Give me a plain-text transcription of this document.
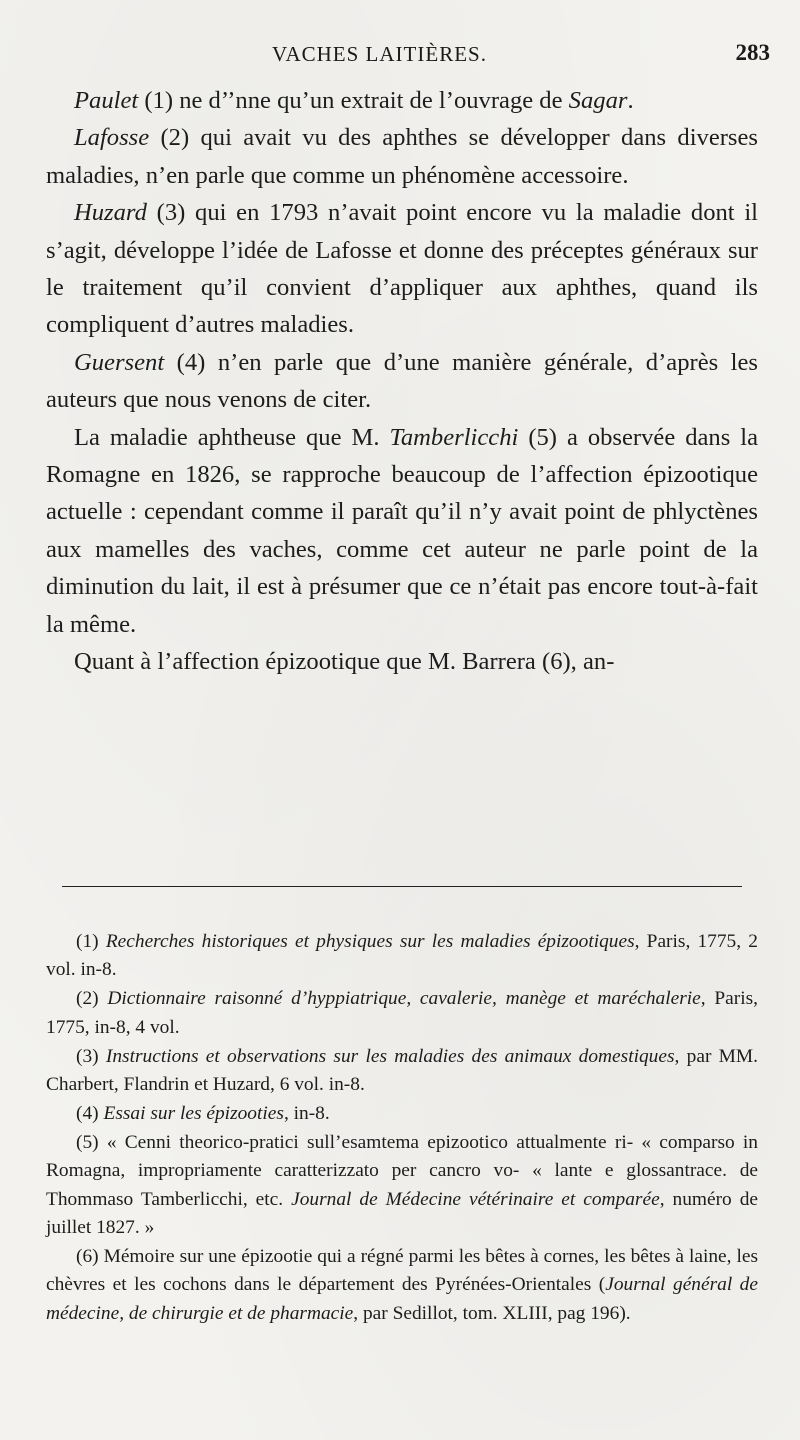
VACHES LAITIÈRES.	283

Paulet (1) ne d’’nne qu’un extrait de l’ouvrage de Sagar.

Lafosse (2) qui avait vu des aphthes se développer dans diverses maladies, n’en parle que comme un phénomène accessoire.

Huzard (3) qui en 1793 n’avait point encore vu la maladie dont il s’agit, développe l’idée de Lafosse et donne des préceptes généraux sur le traitement qu’il convient d’appliquer aux aphthes, quand ils compliquent d’autres maladies.

Guersent (4) n’en parle que d’une manière générale, d’après les auteurs que nous venons de citer.

La maladie aphtheuse que M. Tamberlicchi (5) a observée dans la Romagne en 1826, se rapproche beaucoup de l’affection épizootique actuelle : cependant comme il paraît qu’il n’y avait point de phlyctènes aux mamelles des vaches, comme cet auteur ne parle point de la diminution du lait, il est à présumer que ce n’était pas encore tout-à-fait la même.

Quant à l’affection épizootique que M. Barrera (6), an-

(1) Recherches historiques et physiques sur les maladies épizootiques, Paris, 1775, 2 vol. in-8.

(2) Dictionnaire raisonné d’hyppiatrique, cavalerie, manège et maréchalerie, Paris, 1775, in-8, 4 vol.

(3) Instructions et observations sur les maladies des animaux domestiques, par MM. Charbert, Flandrin et Huzard, 6 vol. in-8.

(4) Essai sur les épizooties, in-8.

(5) « Cenni theorico-pratici sull’esamtema epizootico attualmente ri- « comparso in Romagna, impropriamente caratterizzato per cancro vo- « lante e glossantrace. de Thommaso Tamberlicchi, etc. Journal de Médecine vétérinaire et comparée, numéro de juillet 1827. »

(6) Mémoire sur une épizootie qui a régné parmi les bêtes à cornes, les bêtes à laine, les chèvres et les cochons dans le département des Pyrénées-Orientales (Journal général de médecine, de chirurgie et de pharmacie, par Sedillot, tom. XLIII, pag 196).
